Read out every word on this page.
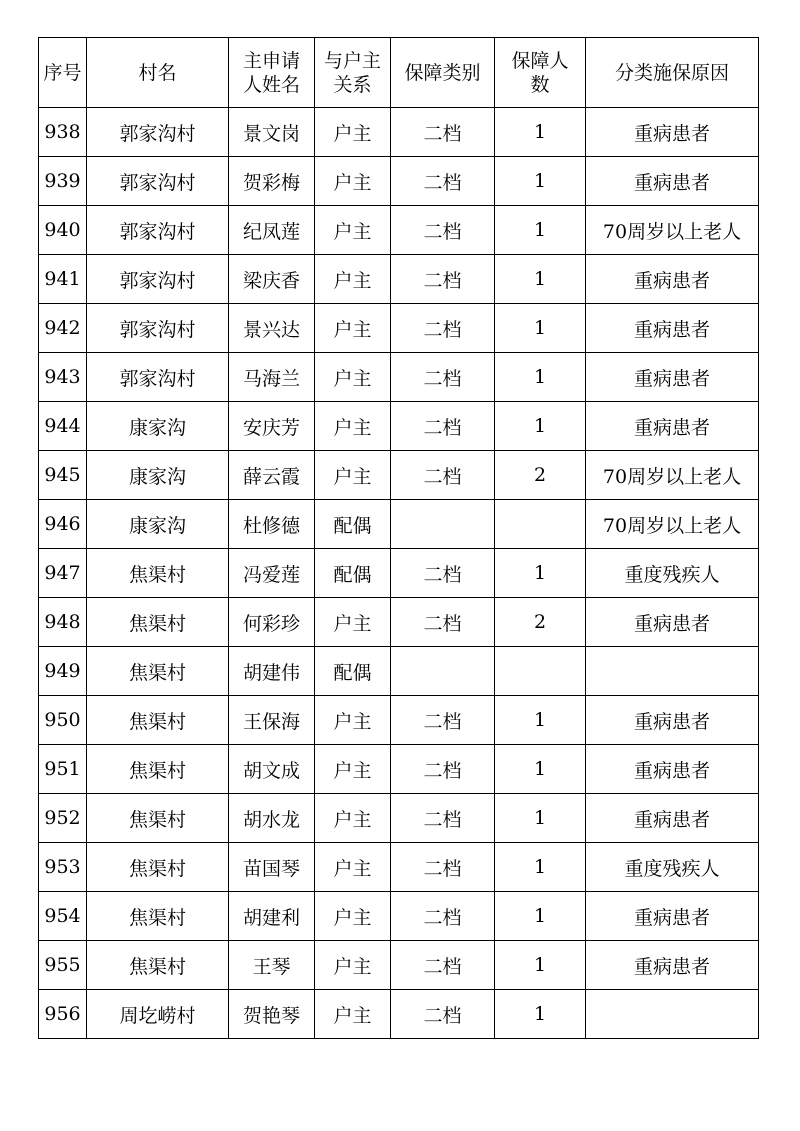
序号	村名	主申请人姓名	与户主关系	保障类别	保障人数	分类施保原因
938	郭家沟村	景文岗	户主	二档	1	重病患者
939	郭家沟村	贺彩梅	户主	二档	1	重病患者
940	郭家沟村	纪凤莲	户主	二档	1	70周岁以上老人
941	郭家沟村	梁庆香	户主	二档	1	重病患者
942	郭家沟村	景兴达	户主	二档	1	重病患者
943	郭家沟村	马海兰	户主	二档	1	重病患者
944	康家沟	安庆芳	户主	二档	1	重病患者
945	康家沟	薛云霞	户主	二档	2	70周岁以上老人
946	康家沟	杜修德	配偶			70周岁以上老人
947	焦渠村	冯爱莲	配偶	二档	1	重度残疾人
948	焦渠村	何彩珍	户主	二档	2	重病患者
949	焦渠村	胡建伟	配偶			
950	焦渠村	王保海	户主	二档	1	重病患者
951	焦渠村	胡文成	户主	二档	1	重病患者
952	焦渠村	胡水龙	户主	二档	1	重病患者
953	焦渠村	苗国琴	户主	二档	1	重度残疾人
954	焦渠村	胡建利	户主	二档	1	重病患者
955	焦渠村	王琴	户主	二档	1	重病患者
956	周圪崂村	贺艳琴	户主	二档	1	
